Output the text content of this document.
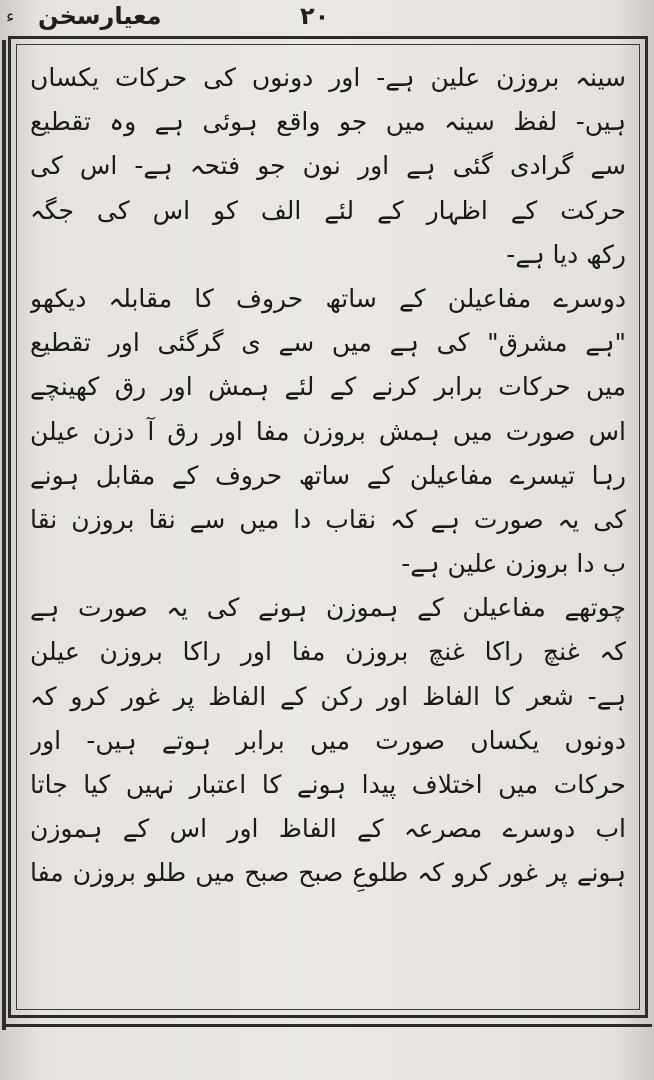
ء معیارسخن	۲۰
سینہ بروزن علین ہے- اور دونوں کی حرکات یکساں
ہیں- لفظ سینہ میں جو واقع ہوئی ہے وہ تقطیع
سے گرادی گئی ہے اور نون جو فتحہ ہے- اس کی
حرکت کے اظہار کے لئے الف کو اس کی جگہ
رکھ دیا ہے-
دوسرے مفاعیلن کے ساتھ حروف کا مقابلہ دیکھو
"ہے مشرق" کی ہے میں سے ی گرگئی اور تقطیع
میں حرکات برابر کرنے کے لئے ہمش اور رق کھینچے
اس صورت میں ہمش بروزن مفا اور رق آ دزن عیلن
رہا تیسرے مفاعیلن کے ساتھ حروف کے مقابل ہونے
کی یہ صورت ہے کہ نقاب دا میں سے نقا بروزن نقا
ب دا بروزن علین ہے-
چوتھے مفاعیلن کے ہموزن ہونے کی یہ صورت ہے
کہ غنچ راکا غنچ بروزن مفا اور راکا بروزن عیلن
ہے- شعر کا الفاظ اور رکن کے الفاظ پر غور کرو کہ
دونوں یکساں صورت میں برابر ہوتے ہیں- اور
حرکات میں اختلاف پیدا ہونے کا اعتبار نہیں کیا جاتا
اب دوسرے مصرعہ کے الفاظ اور اس کے ہموزن
ہونے پر غور کرو کہ طلوعِ صبح صبح میں طلو بروزن مفا
